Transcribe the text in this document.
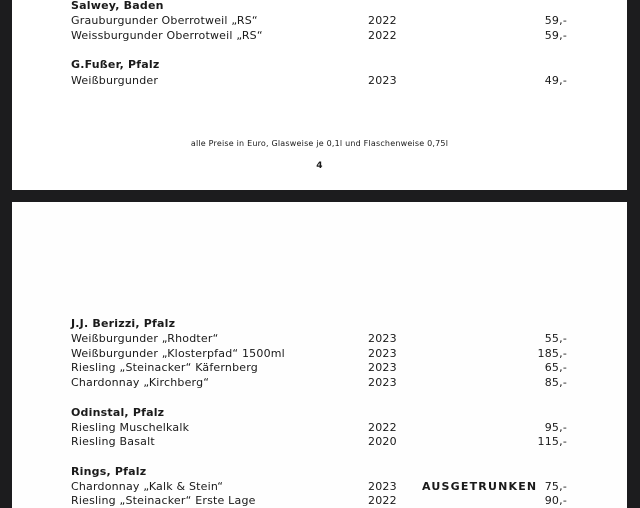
Salwey, Baden
Grauburgunder Oberrotweil „RS“	2022	59,-
Weissburgunder Oberrotweil „RS“	2022	59,-
G.Fußer, Pfalz
Weißburgunder	2023	49,-
alle Preise in Euro, Glasweise je 0,1l und Flaschenweise 0,75l
4
J.J. Berizzi, Pfalz
Weißburgunder „Rhodter“	2023	55,-
Weißburgunder „Klosterpfad“ 1500ml	2023	185,-
Riesling „Steinacker“ Käfernberg	2023	65,-
Chardonnay „Kirchberg“	2023	85,-
Odinstal, Pfalz
Riesling Muschelkalk	2022	95,-
Riesling Basalt	2020	115,-
Rings, Pfalz
Chardonnay „Kalk & Stein“	2023 AUSGETRUNKEN 75,-
Riesling „Steinacker“ Erste Lage	2022	90,-
